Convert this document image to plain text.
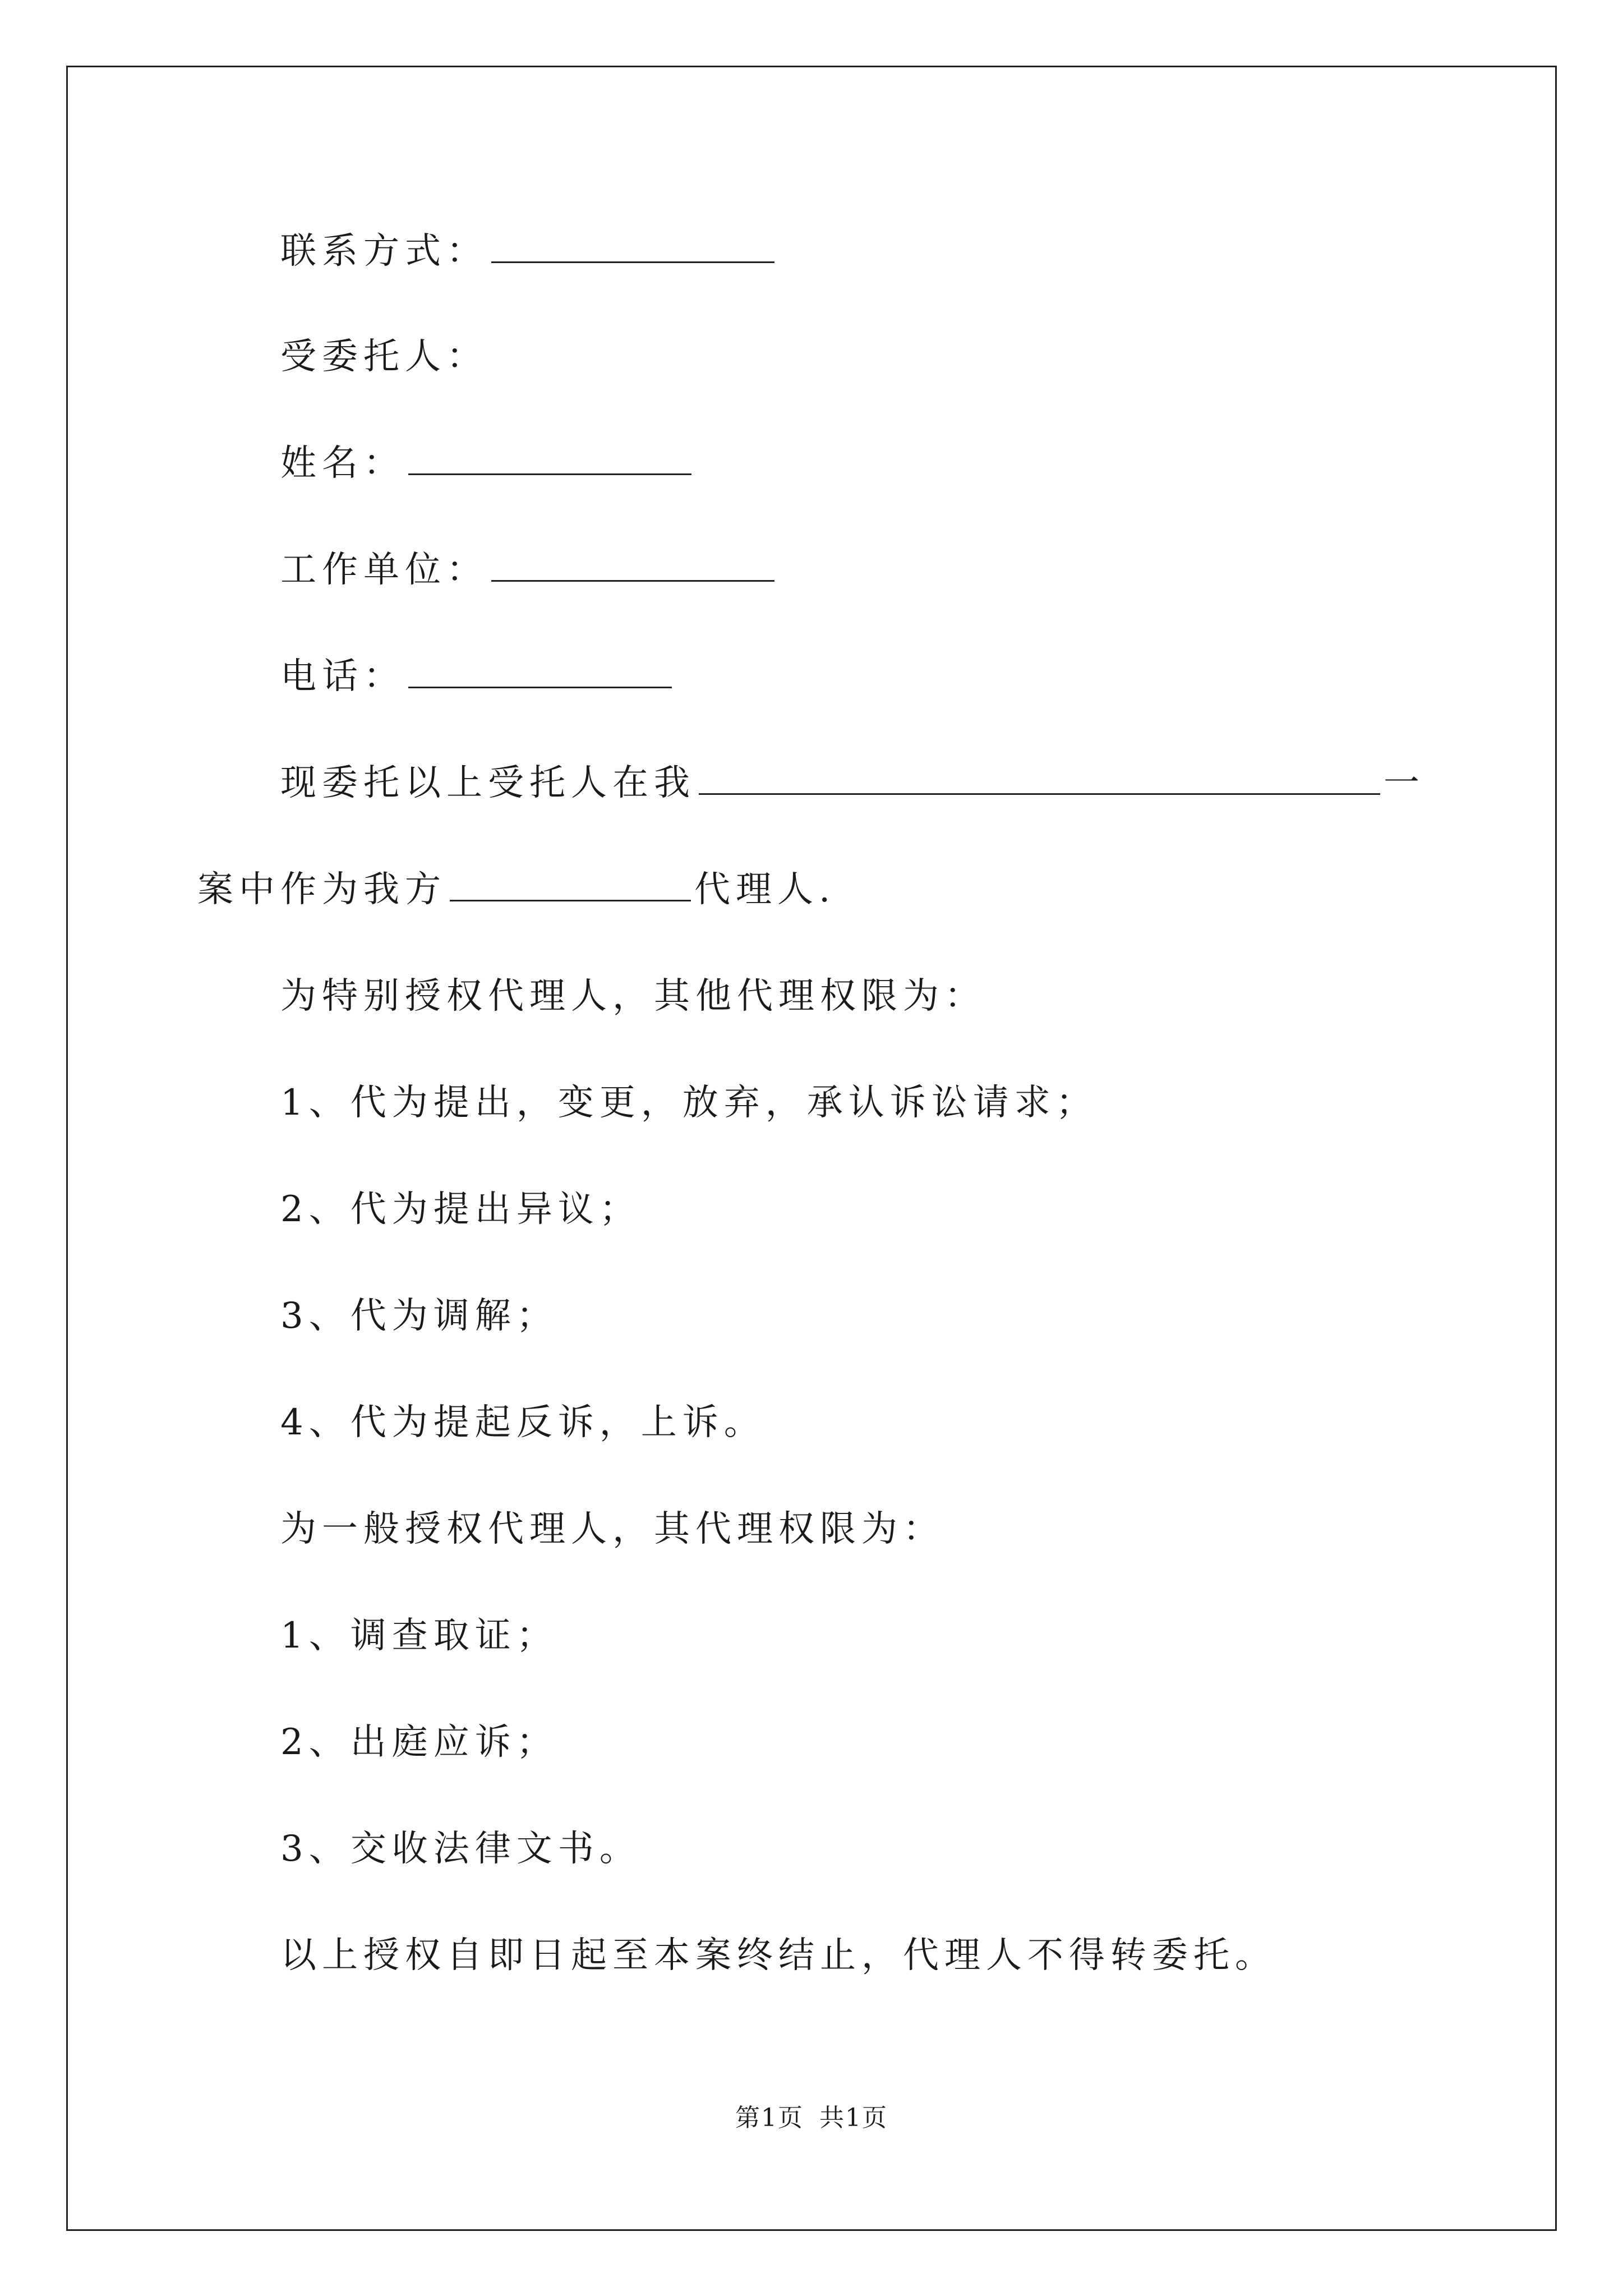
联系方式：
受委托人：
姓名：
工作单位：
电话：
现委托以上受托人在我	一
案中作为我方	代理人.
为特别授权代理人，其他代理权限为：
1、代为提出，变更，放弃，承认诉讼请求；
2、代为提出异议；
3、代为调解；
4、代为提起反诉，上诉。
为一般授权代理人，其代理权限为：
1、调查取证；
2、出庭应诉；
3、交收法律文书。
以上授权自即日起至本案终结止，代理人不得转委托。
第1页 共1页
